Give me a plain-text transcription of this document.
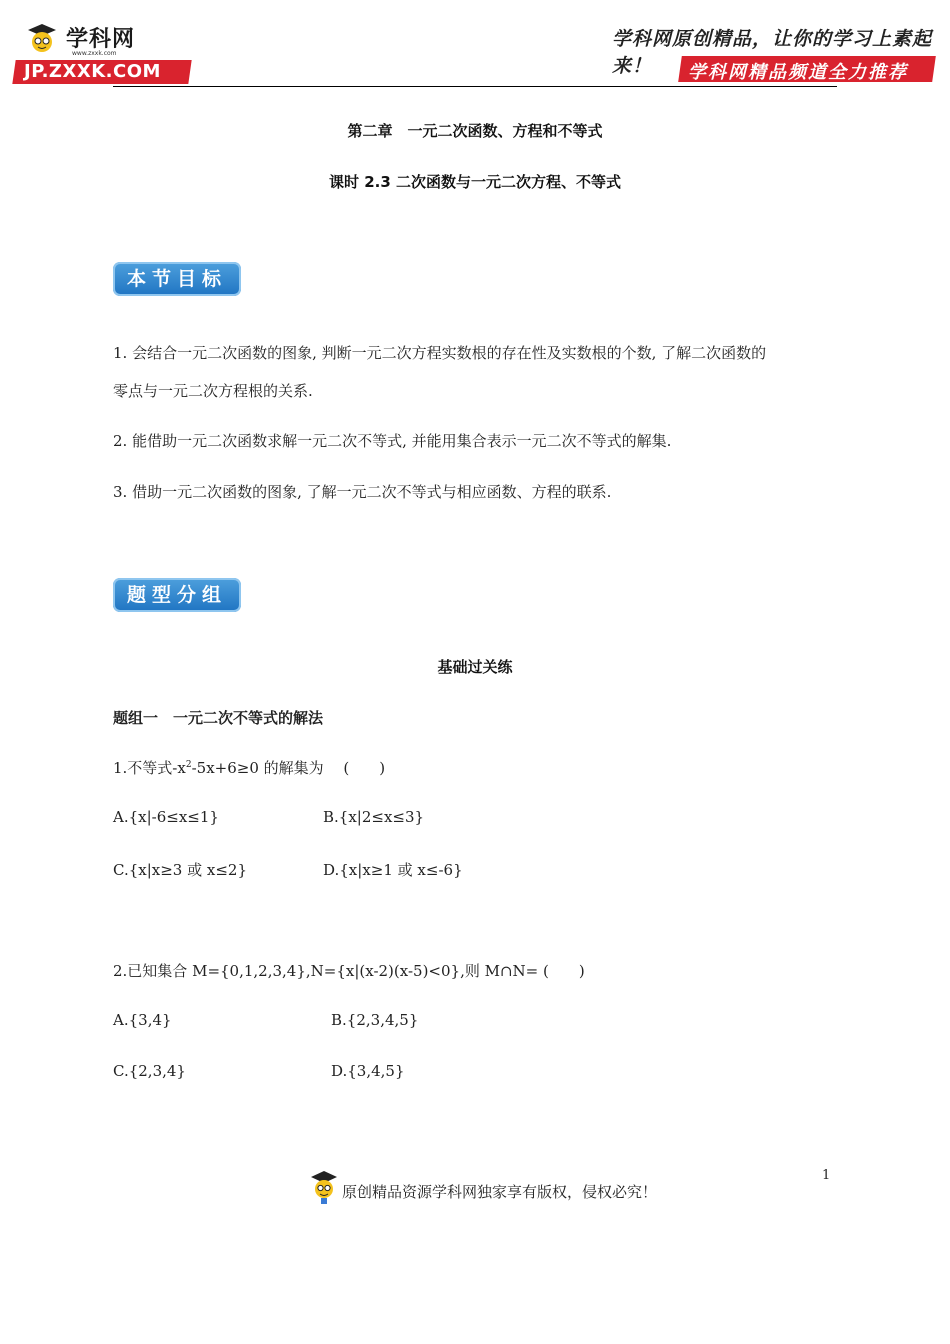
学科网
www.zxxk.com
JP.ZXXK.COM
学科网原创精品，让你的学习上素起来！	学科网精品频道全力推荐
第二章　一元二次函数、方程和不等式
课时 2.3 二次函数与一元二次方程、不等式
本节目标
1. 会结合一元二次函数的图象, 判断一元二次方程实数根的存在性及实数根的个数, 了解二次函数的
零点与一元二次方程根的关系.
2. 能借助一元二次函数求解一元二次不等式, 并能用集合表示一元二次不等式的解集.
3. 借助一元二次函数的图象, 了解一元二次不等式与相应函数、方程的联系.
题型分组
基础过关练
题组一　一元二次不等式的解法
1.不等式$-x^2-5x+6\ge 0$ 的解集为　 (　　)
A.{x|-6≤x≤1}	B.{x|2≤x≤3}
C.{x|x≥3 或 x≤2}	D.{x|x≥1 或 x≤-6}
2.已知集合 M={0,1,2,3,4},N={x|(x-2)(x-5)<0},则 M∩N= (　　)
A.{3,4}	B.{2,3,4,5}
C.{2,3,4}	D.{3,4,5}
原创精品资源学科网独家享有版权，侵权必究！
1
